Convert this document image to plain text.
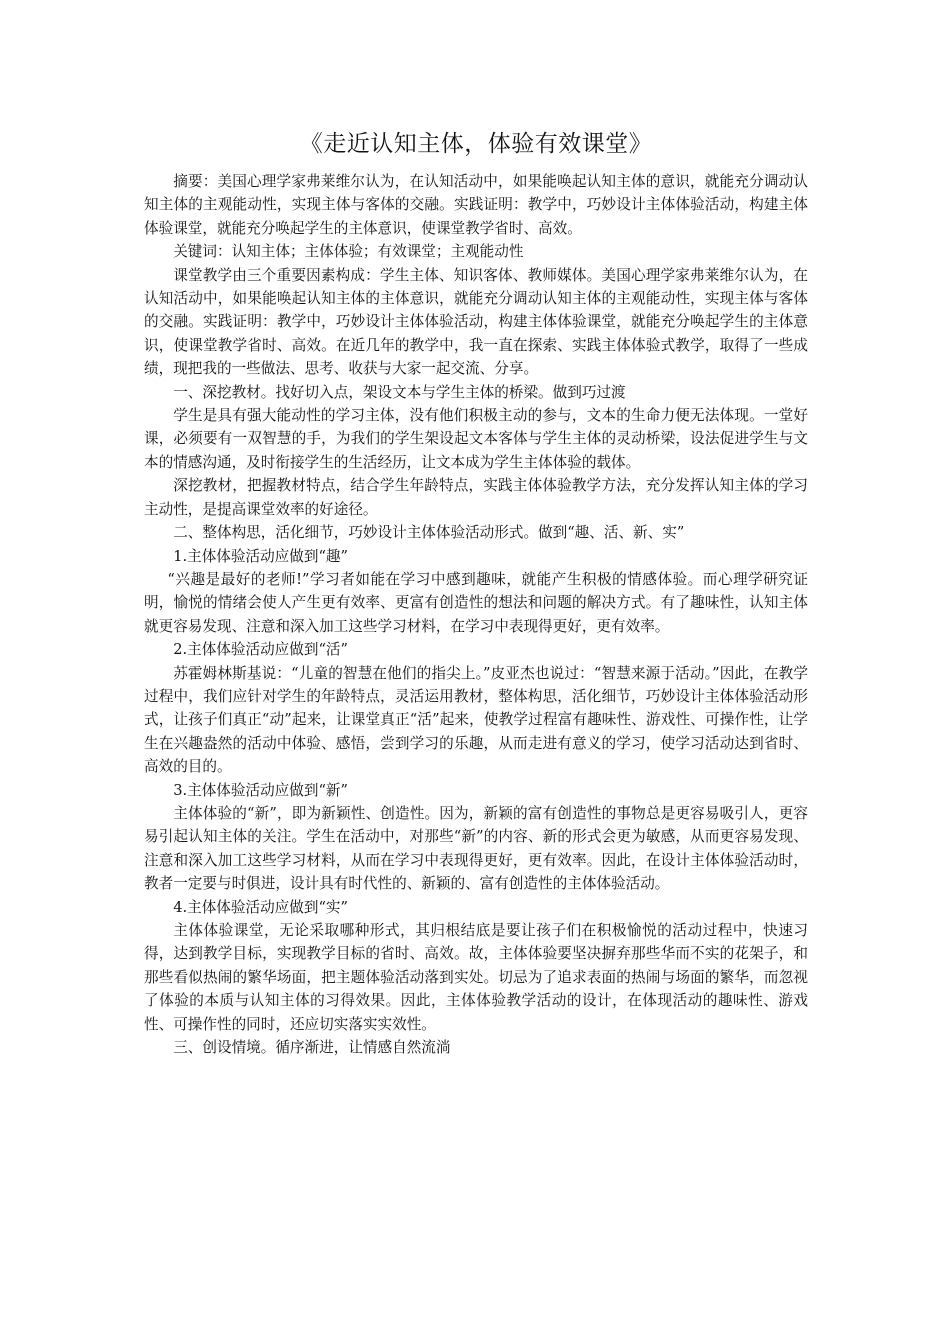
《走近认知主体，体验有效课堂》

摘要：美国心理学家弗莱维尔认为，在认知活动中，如果能唤起认知主体的意识，就能充分调动认知主体的主观能动性，实现主体与客体的交融。实践证明：教学中，巧妙设计主体体验活动，构建主体体验课堂，就能充分唤起学生的主体意识，使课堂教学省时、高效。

关键词：认知主体；主体体验；有效课堂；主观能动性

课堂教学由三个重要因素构成：学生主体、知识客体、教师媒体。美国心理学家弗莱维尔认为，在认知活动中，如果能唤起认知主体的主体意识，就能充分调动认知主体的主观能动性，实现主体与客体的交融。实践证明：教学中，巧妙设计主体体验活动，构建主体体验课堂，就能充分唤起学生的主体意识，使课堂教学省时、高效。在近几年的教学中，我一直在探索、实践主体体验式教学，取得了一些成绩，现把我的一些做法、思考、收获与大家一起交流、分享。

一、深挖教材。找好切入点，架设文本与学生主体的桥梁。做到巧过渡

学生是具有强大能动性的学习主体，没有他们积极主动的参与，文本的生命力便无法体现。一堂好课，必须要有一双智慧的手，为我们的学生架设起文本客体与学生主体的灵动桥梁，设法促进学生与文本的情感沟通，及时衔接学生的生活经历，让文本成为学生主体体验的载体。

深挖教材，把握教材特点，结合学生年龄特点，实践主体体验教学方法，充分发挥认知主体的学习主动性，是提高课堂效率的好途径。

二、整体构思，活化细节，巧妙设计主体体验活动形式。做到“趣、活、新、实”

1.主体体验活动应做到“趣”

“兴趣是最好的老师!”学习者如能在学习中感到趣味，就能产生积极的情感体验。而心理学研究证明，愉悦的情绪会使人产生更有效率、更富有创造性的想法和问题的解决方式。有了趣味性，认知主体就更容易发现、注意和深入加工这些学习材料，在学习中表现得更好，更有效率。

2.主体体验活动应做到“活”

苏霍姆林斯基说：“儿童的智慧在他们的指尖上。”皮亚杰也说过：“智慧来源于活动。”因此，在教学过程中，我们应针对学生的年龄特点，灵活运用教材，整体构思，活化细节，巧妙设计主体体验活动形式，让孩子们真正“动”起来，让课堂真正“活”起来，使教学过程富有趣味性、游戏性、可操作性，让学生在兴趣盎然的活动中体验、感悟，尝到学习的乐趣，从而走进有意义的学习，使学习活动达到省时、高效的目的。

3.主体体验活动应做到“新”

主体体验的“新”，即为新颖性、创造性。因为，新颖的富有创造性的事物总是更容易吸引人，更容易引起认知主体的关注。学生在活动中，对那些“新”的内容、新的形式会更为敏感，从而更容易发现、注意和深入加工这些学习材料，从而在学习中表现得更好，更有效率。因此，在设计主体体验活动时，教者一定要与时俱进，设计具有时代性的、新颖的、富有创造性的主体体验活动。

4.主体体验活动应做到“实”

主体体验课堂，无论采取哪种形式，其归根结底是要让孩子们在积极愉悦的活动过程中，快速习得，达到教学目标，实现教学目标的省时、高效。故，主体体验要坚决摒弃那些华而不实的花架子，和那些看似热闹的繁华场面，把主题体验活动落到实处。切忌为了追求表面的热闹与场面的繁华，而忽视了体验的本质与认知主体的习得效果。因此，主体体验教学活动的设计，在体现活动的趣味性、游戏性、可操作性的同时，还应切实落实实效性。

三、创设情境。循序渐进，让情感自然流淌
